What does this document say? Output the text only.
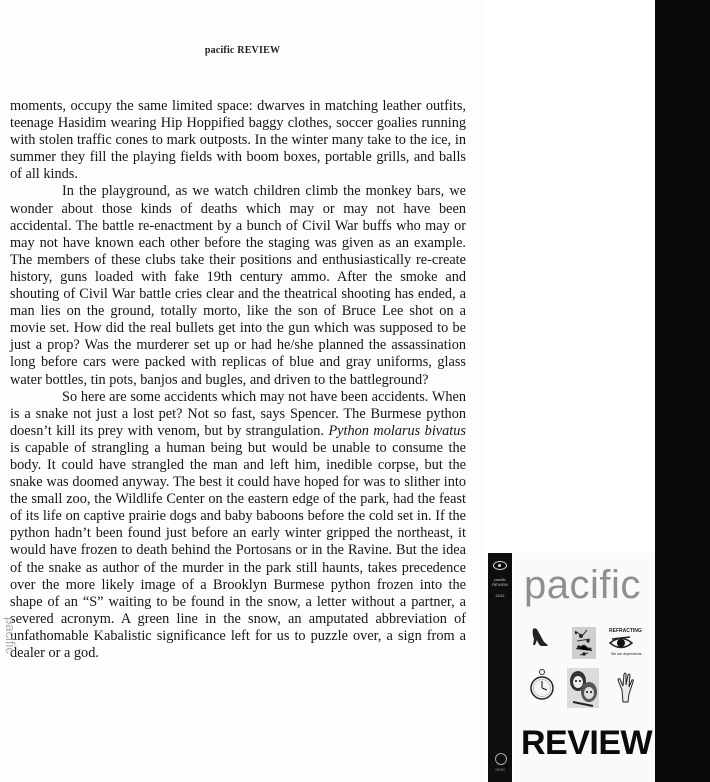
pacific REVIEW

moments, occupy the same limited space: dwarves in matching leather outfits, teenage Hasidim wearing Hip Hoppified baggy clothes, soccer goalies running with stolen traffic cones to mark outposts. In the winter many take to the ice, in summer they fill the playing fields with boom boxes, portable grills, and balls of all kinds.

In the playground, as we watch children climb the monkey bars, we wonder about those kinds of deaths which may or may not have been accidental. The battle re-enactment by a bunch of Civil War buffs who may or may not have known each other before the staging was given as an example. The members of these clubs take their positions and enthusiastically re-create history, guns loaded with fake 19th century ammo. After the smoke and shouting of Civil War battle cries clear and the theatrical shooting has ended, a man lies on the ground, totally morto, like the son of Bruce Lee shot on a movie set. How did the real bullets get into the gun which was supposed to be just a prop? Was the murderer set up or had he/she planned the assassination long before cars were packed with replicas of blue and gray uniforms, glass water bottles, tin pots, banjos and bugles, and driven to the battleground?

So here are some accidents which may not have been accidents. When is a snake not just a lost pet? Not so fast, says Spencer. The Burmese python doesn’t kill its prey with venom, but by strangulation. Python molarus bivatus is capable of strangling a human being but would be unable to consume the body. It could have strangled the man and left him, inedible corpse, but the snake was doomed anyway. The best it could have hoped for was to slither into the small zoo, the Wildlife Center on the eastern edge of the park, had the feast of its life on captive prairie dogs and baby baboons before the cold set in. If the python hadn’t been found just before an early winter gripped the northeast, it would have frozen to death behind the Portosans or in the Ravine. But the idea of the snake as author of the murder in the park still haunts, takes precedence over the more likely image of a Brooklyn Burmese python frozen into the shape of an “S” waiting to be found in the snow, a letter without a partner, a severed acronym. A green line in the snow, an amputated abbreviation of unfathomable Kabalistic significance left for us to puzzle over, a sign from a dealer or a god.

pacific
REVIEW
2012
pacific
REVIEW
ISSN
pacific
REFRACTING
We are dependents
REVIEW
